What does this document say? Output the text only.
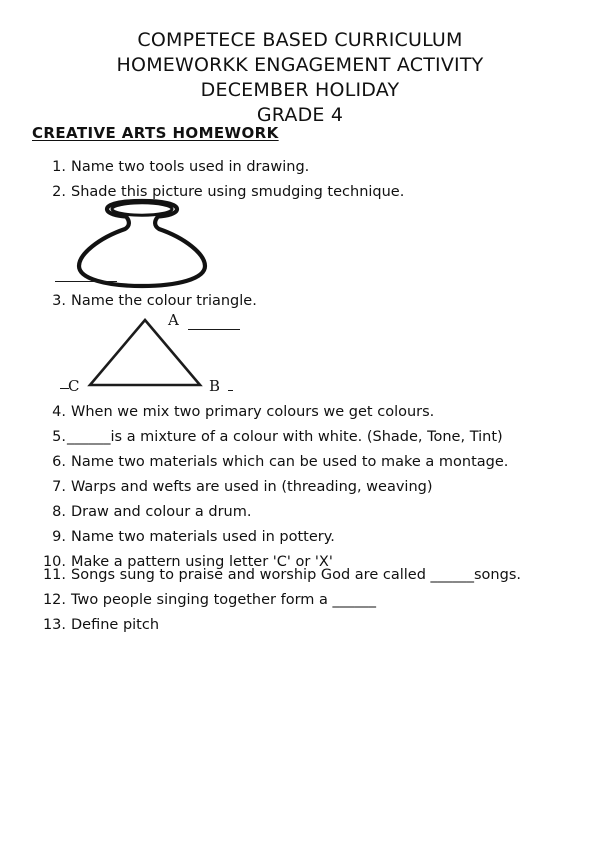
COMPETECE BASED CURRICULUM
HOMEWORKK ENGAGEMENT ACTIVITY
DECEMBER HOLIDAY
GRADE 4
CREATIVE ARTS HOMEWORK
1. Name two tools used in drawing.
2. Shade this picture using smudging technique.
3. Name the colour triangle.
A
B
C
4. When we mix two primary colours we get colours.
5. ______is a mixture of a colour with white. (Shade, Tone, Tint)
6. Name two materials which can be used to make a montage.
7. Warps and wefts are used in (threading, weaving)
8. Draw and colour a drum.
9. Name two materials used in pottery.
10. Make a pattern using letter 'C' or 'X'
11. Songs sung to praise and worship God are called ______songs.
12. Two people singing together form a ______
13. Define pitch
